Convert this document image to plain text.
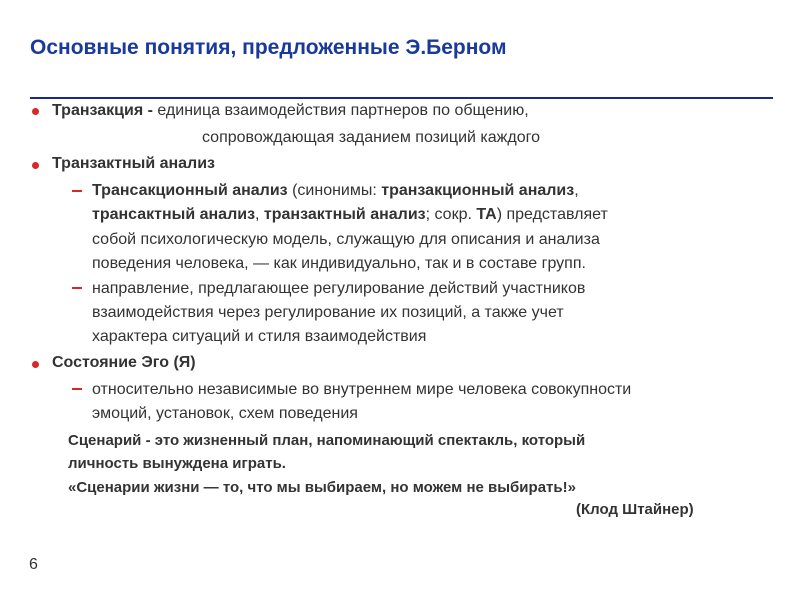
Основные понятия, предложенные Э.Берном
Транзакция - единица взаимодействия партнеров по общению,
сопровождающая заданием позиций каждого
Транзактный анализ
Трансакционный анализ (синонимы: транзакционный анализ,
трансактный анализ, транзактный анализ; сокр. ТА) представляет
собой психологическую модель, служащую для описания и анализа
поведения человека, — как индивидуально, так и в составе групп.
направление, предлагающее регулирование действий участников
взаимодействия через регулирование их позиций, а также учет
характера ситуаций и стиля взаимодействия
Состояние Эго (Я)
относительно независимые во внутреннем мире человека совокупности
эмоций, установок, схем поведения
Сценарий - это жизненный план, напоминающий спектакль, который
личность вынуждена играть.
«Сценарии жизни — то, что мы выбираем, но можем не выбирать!»
(Клод Штайнер)
6
